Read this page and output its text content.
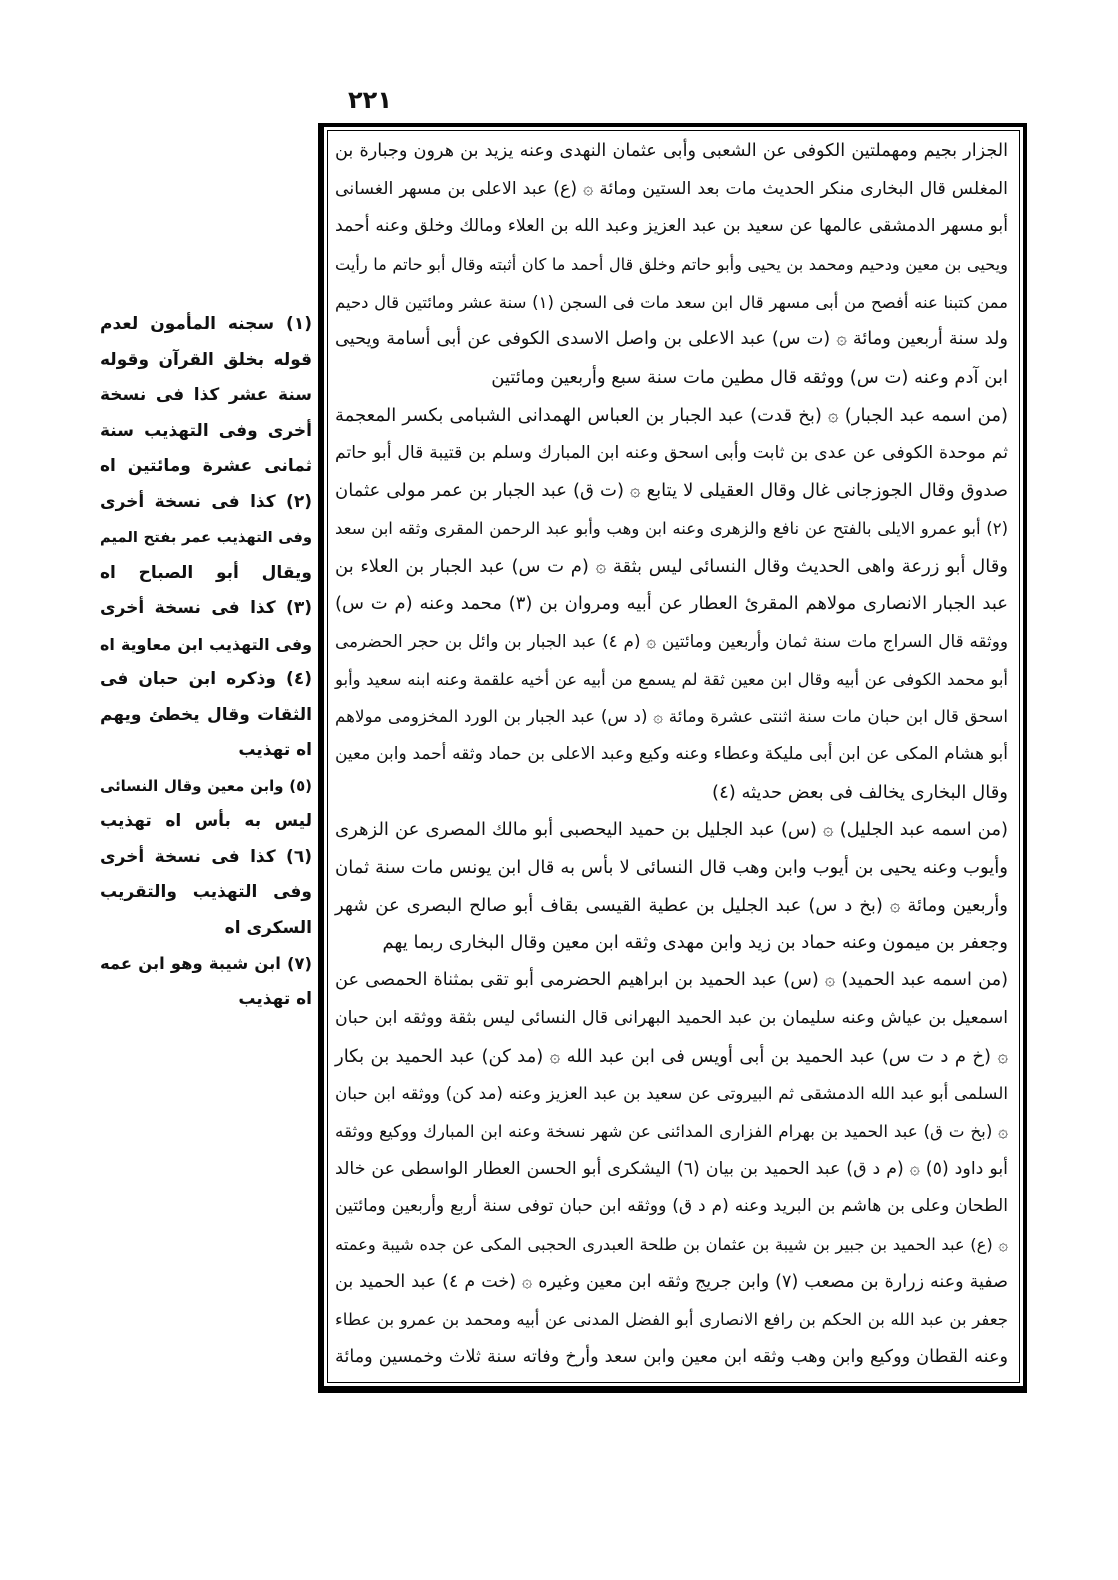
٢٢١
الجزار بجيم ومهملتين الكوفى عن الشعبى وأبى عثمان النهدى وعنه يزيد بن هرون وجبارة بن
المغلس قال البخارى منكر الحديث مات بعد الستين ومائة ۞ (ع) عبد الاعلى بن مسهر الغسانى
أبو مسهر الدمشقى عالمها عن سعيد بن عبد العزيز وعبد الله بن العلاء ومالك وخلق وعنه أحمد
ويحيى بن معين ودحيم ومحمد بن يحيى وأبو حاتم وخلق قال أحمد ما كان أثبته وقال أبو حاتم ما رأيت
ممن كتبنا عنه أفصح من أبى مسهر قال ابن سعد مات فى السجن (١) سنة عشر ومائتين قال دحيم
ولد سنة أربعين ومائة ۞ (ت س) عبد الاعلى بن واصل الاسدى الكوفى عن أبى أسامة ويحيى
ابن آدم وعنه (ت س) ووثقه قال مطين مات سنة سبع وأربعين ومائتين
(من اسمه عبد الجبار) ۞ (بخ قدت) عبد الجبار بن العباس الهمدانى الشبامى بكسر المعجمة
ثم موحدة الكوفى عن عدى بن ثابت وأبى اسحق وعنه ابن المبارك وسلم بن قتيبة قال أبو حاتم
صدوق وقال الجوزجانى غال وقال العقيلى لا يتابع ۞ (ت ق) عبد الجبار بن عمر مولى عثمان
(٢) أبو عمرو الايلى بالفتح عن نافع والزهرى وعنه ابن وهب وأبو عبد الرحمن المقرى وثقه ابن سعد
وقال أبو زرعة واهى الحديث وقال النسائى ليس بثقة ۞ (م ت س) عبد الجبار بن العلاء بن
عبد الجبار الانصارى مولاهم المقرئ العطار عن أبيه ومروان بن (٣) محمد وعنه (م ت س)
ووثقه قال السراج مات سنة ثمان وأربعين ومائتين ۞ (م ٤) عبد الجبار بن وائل بن حجر الحضرمى
أبو محمد الكوفى عن أبيه وقال ابن معين ثقة لم يسمع من أبيه عن أخيه علقمة وعنه ابنه سعيد وأبو
اسحق قال ابن حبان مات سنة اثنتى عشرة ومائة ۞ (د س) عبد الجبار بن الورد المخزومى مولاهم
أبو هشام المكى عن ابن أبى مليكة وعطاء وعنه وكيع وعبد الاعلى بن حماد وثقه أحمد وابن معين
وقال البخارى يخالف فى بعض حديثه (٤)
(من اسمه عبد الجليل) ۞ (س) عبد الجليل بن حميد اليحصبى أبو مالك المصرى عن الزهرى
وأيوب وعنه يحيى بن أيوب وابن وهب قال النسائى لا بأس به قال ابن يونس مات سنة ثمان
وأربعين ومائة ۞ (بخ د س) عبد الجليل بن عطية القيسى بقاف أبو صالح البصرى عن شهر
وجعفر بن ميمون وعنه حماد بن زيد وابن مهدى وثقه ابن معين وقال البخارى ربما يهم
(من اسمه عبد الحميد) ۞ (س) عبد الحميد بن ابراهيم الحضرمى أبو تقى بمثناة الحمصى عن
اسمعيل بن عياش وعنه سليمان بن عبد الحميد البهرانى قال النسائى ليس بثقة ووثقه ابن حبان
۞ (خ م د ت س) عبد الحميد بن أبى أويس فى ابن عبد الله ۞ (مد كن) عبد الحميد بن بكار
السلمى أبو عبد الله الدمشقى ثم البيروتى عن سعيد بن عبد العزيز وعنه (مد كن) ووثقه ابن حبان
۞ (بخ ت ق) عبد الحميد بن بهرام الفزارى المدائنى عن شهر نسخة وعنه ابن المبارك ووكيع ووثقه
أبو داود (٥) ۞ (م د ق) عبد الحميد بن بيان (٦) اليشكرى أبو الحسن العطار الواسطى عن خالد
الطحان وعلى بن هاشم بن البريد وعنه (م د ق) ووثقه ابن حبان توفى سنة أربع وأربعين ومائتين
۞ (ع) عبد الحميد بن جبير بن شيبة بن عثمان بن طلحة العبدرى الحجبى المكى عن جده شيبة وعمته
صفية وعنه زرارة بن مصعب (٧) وابن جريج وثقه ابن معين وغيره ۞ (خت م ٤) عبد الحميد بن
جعفر بن عبد الله بن الحكم بن رافع الانصارى أبو الفضل المدنى عن أبيه ومحمد بن عمرو بن عطاء
وعنه القطان ووكيع وابن وهب وثقه ابن معين وابن سعد وأرخ وفاته سنة ثلاث وخمسين ومائة
(١) سجنه المأمون لعدم
قوله بخلق القرآن وقوله
سنة عشر كذا فى نسخة
أخرى وفى التهذيب سنة
ثمانى عشرة ومائتين اه
(٢) كذا فى نسخة أخرى
وفى التهذيب عمر بفتح الميم
ويقال أبو الصباح اه
(٣) كذا فى نسخة أخرى
وفى التهذيب ابن معاوية اه
(٤) وذكره ابن حبان فى
الثقات وقال يخطئ ويهم
اه تهذيب
(٥) وابن معين وقال النسائى
ليس به بأس اه تهذيب
(٦) كذا فى نسخة أخرى
وفى التهذيب والتقريب
السكرى اه
(٧) ابن شيبة وهو ابن عمه
اه تهذيب
